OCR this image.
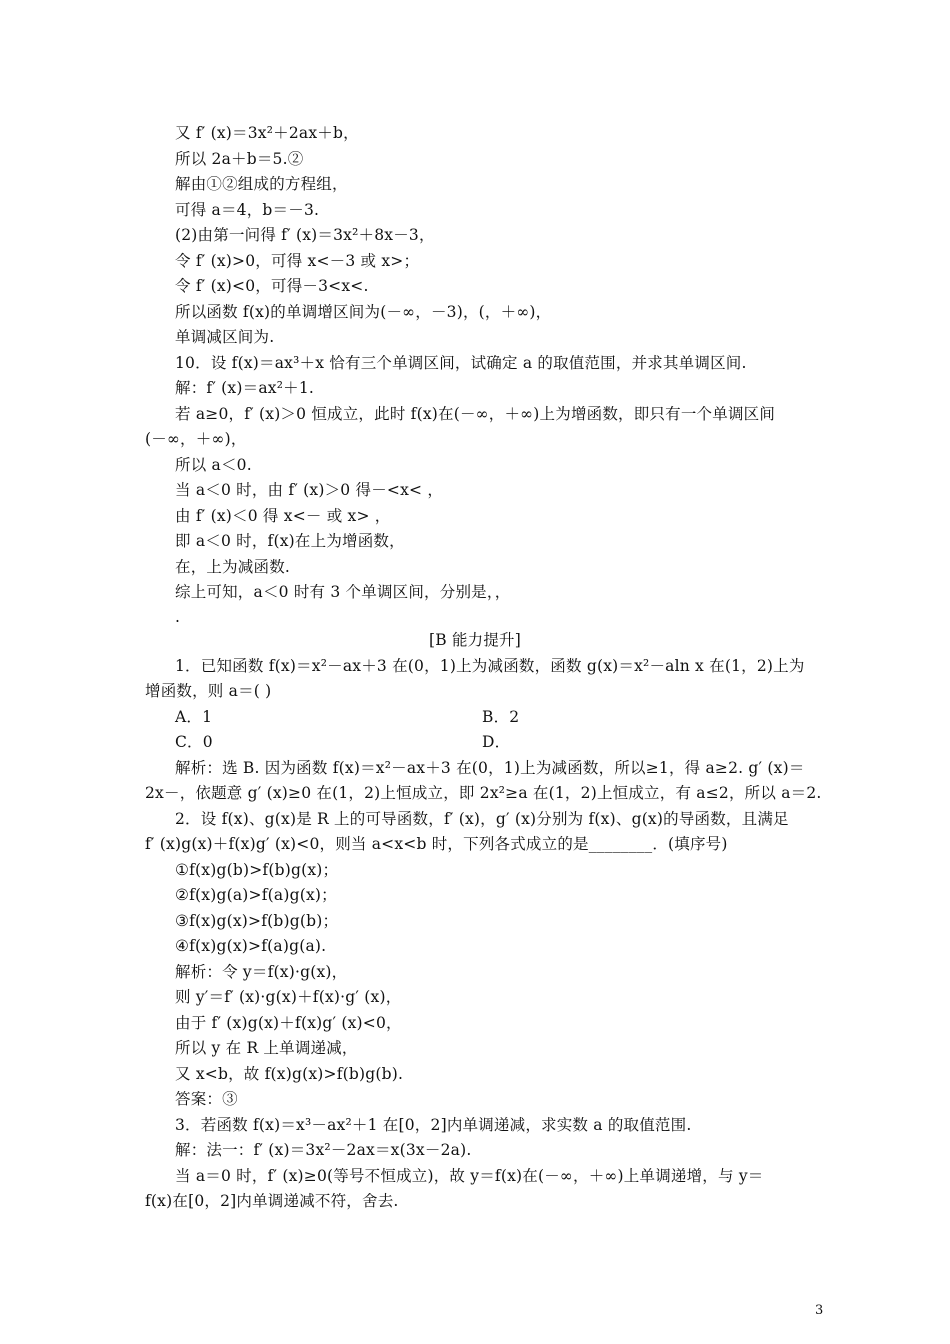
又 f′ (x)＝3x²＋2ax＋b，
所以 2a＋b＝5.②
解由①②组成的方程组，
可得 a＝4，b＝－3.
(2)由第一问得 f′ (x)＝3x²＋8x－3，
令 f′ (x)>0，可得 x<－3 或 x>；
令 f′ (x)<0，可得－3<x<.
所以函数 f(x)的单调增区间为(－∞，－3)，(，＋∞)，
单调减区间为.
10．设 f(x)＝ax³＋x 恰有三个单调区间，试确定 a 的取值范围，并求其单调区间.
解：f′ (x)＝ax²＋1.
若 a≥0，f′ (x)＞0 恒成立，此时 f(x)在(－∞，＋∞)上为增函数，即只有一个单调区间
(－∞，＋∞)，
所以 a＜0.
当 a＜0 时，由 f′ (x)＞0 得－<x< ，
由 f′ (x)＜0 得 x<－ 或 x> ，
即 a＜0 时，f(x)在上为增函数，
在，上为减函数.
综上可知，a＜0 时有 3 个单调区间，分别是，，
.
[B 能力提升]
1．已知函数 f(x)＝x²－ax＋3 在(0，1)上为减函数，函数 g(x)＝x²－aln x 在(1，2)上为
增函数，则 a＝( )
A．1	B．2
C．0	D．
解析：选 B. 因为函数 f(x)＝x²－ax＋3 在(0，1)上为减函数，所以≥1，得 a≥2. g′ (x)＝
2x－，依题意 g′ (x)≥0 在(1，2)上恒成立，即 2x²≥a 在(1，2)上恒成立，有 a≤2，所以 a＝2.
2．设 f(x)、g(x)是 R 上的可导函数，f′ (x)，g′ (x)分别为 f(x)、g(x)的导函数，且满足
f′ (x)g(x)＋f(x)g′ (x)<0，则当 a<x<b 时，下列各式成立的是________．(填序号)
①f(x)g(b)>f(b)g(x)；
②f(x)g(a)>f(a)g(x)；
③f(x)g(x)>f(b)g(b)；
④f(x)g(x)>f(a)g(a).
解析：令 y＝f(x)·g(x)，
则 y′＝f′ (x)·g(x)＋f(x)·g′ (x)，
由于 f′ (x)g(x)＋f(x)g′ (x)<0，
所以 y 在 R 上单调递减，
又 x<b，故 f(x)g(x)>f(b)g(b).
答案：③
3．若函数 f(x)＝x³－ax²＋1 在[0，2]内单调递减，求实数 a 的取值范围.
解：法一：f′ (x)＝3x²－2ax＝x(3x－2a).
当 a＝0 时，f′ (x)≥0(等号不恒成立)，故 y＝f(x)在(－∞，＋∞)上单调递增，与 y＝
f(x)在[0，2]内单调递减不符，舍去.
3
